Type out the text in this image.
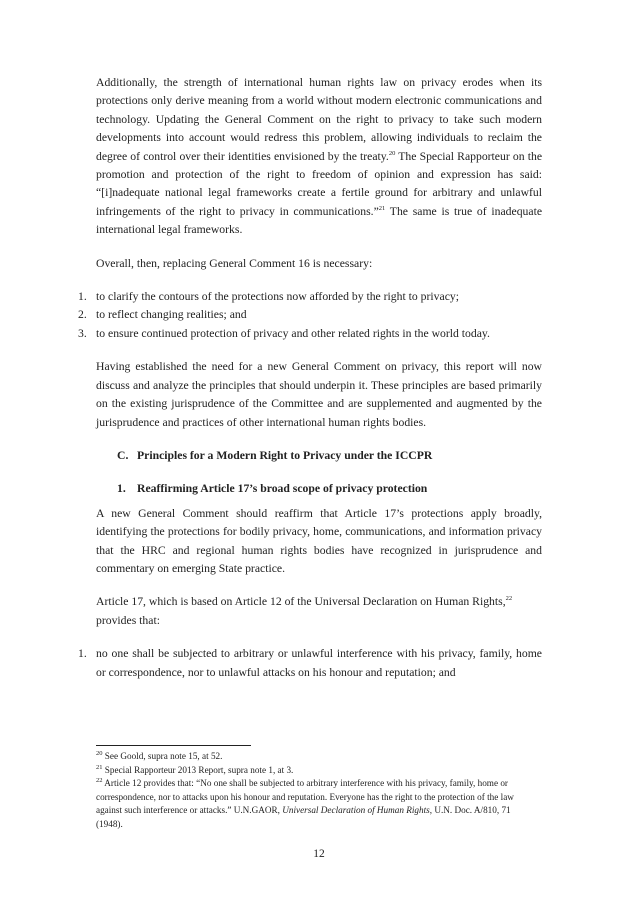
Additionally, the strength of international human rights law on privacy erodes when its protections only derive meaning from a world without modern electronic communications and technology. Updating the General Comment on the right to privacy to take such modern developments into account would redress this problem, allowing individuals to reclaim the degree of control over their identities envisioned by the treaty.$^{20}$ The Special Rapporteur on the promotion and protection of the right to freedom of opinion and expression has said: “[i]nadequate national legal frameworks create a fertile ground for arbitrary and unlawful infringements of the right to privacy in communications.”$^{21}$ The same is true of inadequate international legal frameworks.

Overall, then, replacing General Comment 16 is necessary:

1. to clarify the contours of the protections now afforded by the right to privacy;
2. to reflect changing realities; and
3. to ensure continued protection of privacy and other related rights in the world today.

Having established the need for a new General Comment on privacy, this report will now discuss and analyze the principles that should underpin it. These principles are based primarily on the existing jurisprudence of the Committee and are supplemented and augmented by the jurisprudence and practices of other international human rights bodies.

C. Principles for a Modern Right to Privacy under the ICCPR

1. Reaffirming Article 17’s broad scope of privacy protection

A new General Comment should reaffirm that Article 17’s protections apply broadly, identifying the protections for bodily privacy, home, communications, and information privacy that the HRC and regional human rights bodies have recognized in jurisprudence and commentary on emerging State practice.

Article 17, which is based on Article 12 of the Universal Declaration on Human Rights,$^{22}$
provides that:

1. no one shall be subjected to arbitrary or unlawful interference with his privacy, family, home or correspondence, nor to unlawful attacks on his honour and reputation; and

$^{20}$ See Goold, supra note 15, at 52.

$^{21}$ Special Rapporteur 2013 Report, supra note 1, at 3.

$^{22}$ Article 12 provides that: “No one shall be subjected to arbitrary interference with his privacy, family, home or correspondence, nor to attacks upon his honour and reputation. Everyone has the right to the protection of the law against such interference or attacks.” U.N.GAOR, Universal Declaration of Human Rights, U.N. Doc. A/810, 71 (1948).

12
